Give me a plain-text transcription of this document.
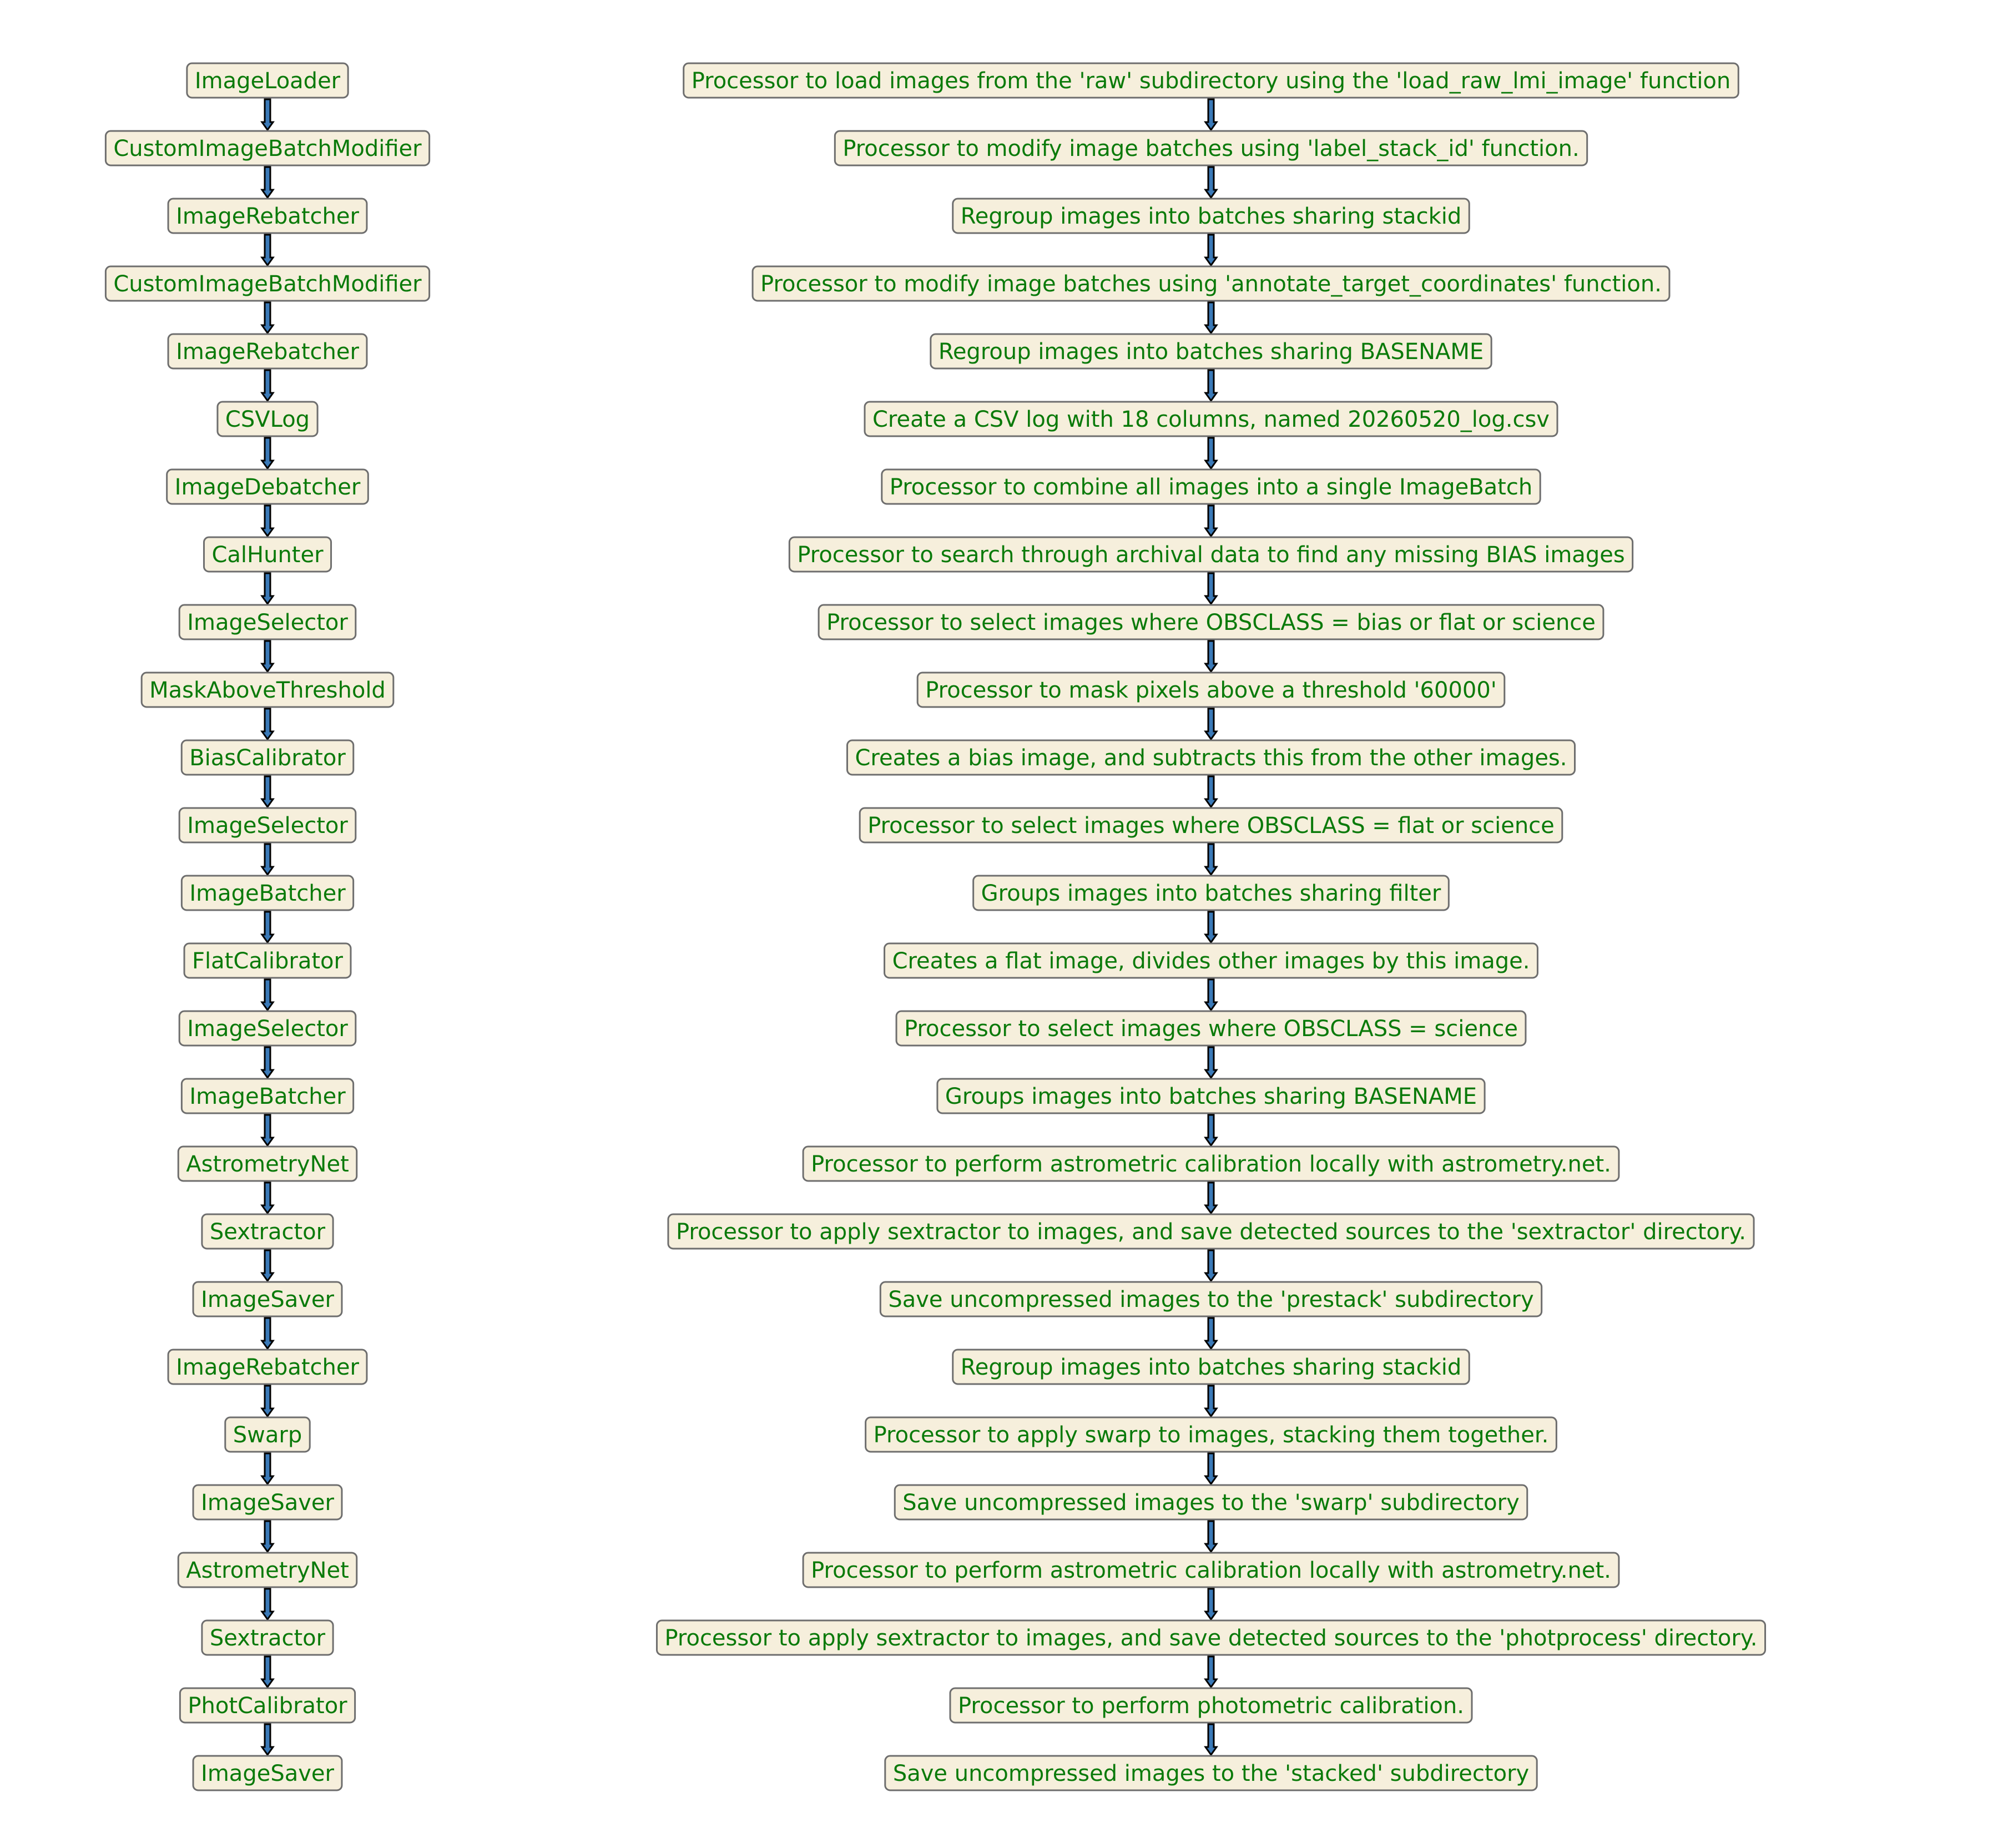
ImageLoader
CustomImageBatchModifier
ImageRebatcher
CustomImageBatchModifier
ImageRebatcher
CSVLog
ImageDebatcher
CalHunter
ImageSelector
MaskAboveThreshold
BiasCalibrator
ImageSelector
ImageBatcher
FlatCalibrator
ImageSelector
ImageBatcher
AstrometryNet
Sextractor
ImageSaver
ImageRebatcher
Swarp
ImageSaver
AstrometryNet
Sextractor
PhotCalibrator
ImageSaver
Processor to load images from the 'raw' subdirectory using the 'load_raw_lmi_image' function
Processor to modify image batches using 'label_stack_id' function.
Regroup images into batches sharing stackid
Processor to modify image batches using 'annotate_target_coordinates' function.
Regroup images into batches sharing BASENAME
Create a CSV log with 18 columns, named 20260520_log.csv
Processor to combine all images into a single ImageBatch
Processor to search through archival data to find any missing BIAS images
Processor to select images where OBSCLASS = bias or flat or science
Processor to mask pixels above a threshold '60000'
Creates a bias image, and subtracts this from the other images.
Processor to select images where OBSCLASS = flat or science
Groups images into batches sharing filter
Creates a flat image, divides other images by this image.
Processor to select images where OBSCLASS = science
Groups images into batches sharing BASENAME
Processor to perform astrometric calibration locally with astrometry.net.
Processor to apply sextractor to images, and save detected sources to the 'sextractor' directory.
Save uncompressed images to the 'prestack' subdirectory
Regroup images into batches sharing stackid
Processor to apply swarp to images, stacking them together.
Save uncompressed images to the 'swarp' subdirectory
Processor to perform astrometric calibration locally with astrometry.net.
Processor to apply sextractor to images, and save detected sources to the 'photprocess' directory.
Processor to perform photometric calibration.
Save uncompressed images to the 'stacked' subdirectory
